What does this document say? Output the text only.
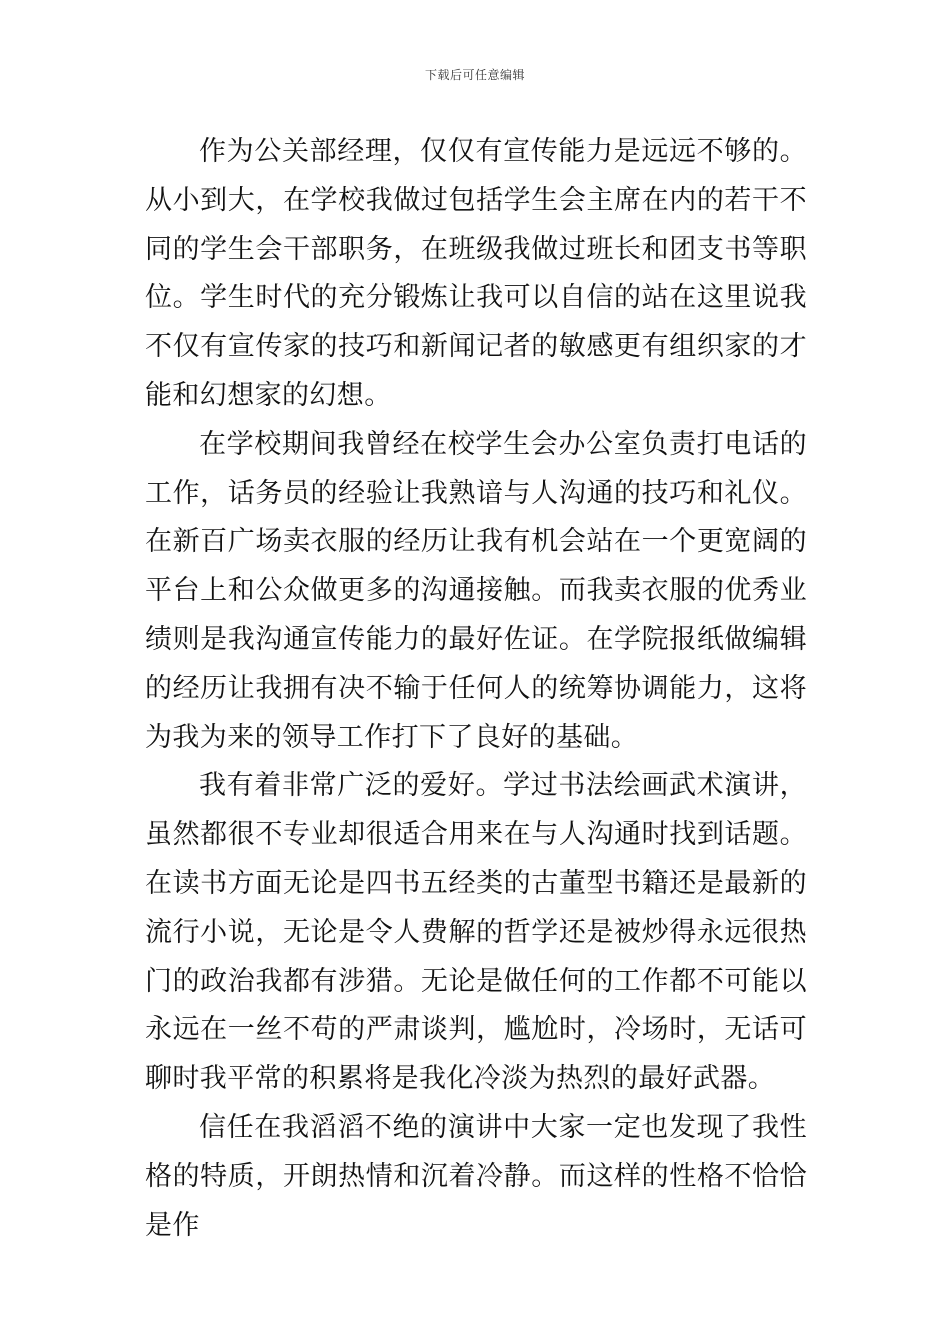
下载后可任意编辑

作为公关部经理，仅仅有宣传能力是远远不够的。从小到大，在学校我做过包括学生会主席在内的若干不同的学生会干部职务，在班级我做过班长和团支书等职位。学生时代的充分锻炼让我可以自信的站在这里说我不仅有宣传家的技巧和新闻记者的敏感更有组织家的才能和幻想家的幻想。

在学校期间我曾经在校学生会办公室负责打电话的工作，话务员的经验让我熟谙与人沟通的技巧和礼仪。在新百广场卖衣服的经历让我有机会站在一个更宽阔的平台上和公众做更多的沟通接触。而我卖衣服的优秀业绩则是我沟通宣传能力的最好佐证。在学院报纸做编辑的经历让我拥有决不输于任何人的统筹协调能力，这将为我为来的领导工作打下了良好的基础。

我有着非常广泛的爱好。学过书法绘画武术演讲，虽然都很不专业却很适合用来在与人沟通时找到话题。在读书方面无论是四书五经类的古董型书籍还是最新的流行小说，无论是令人费解的哲学还是被炒得永远很热门的政治我都有涉猎。无论是做任何的工作都不可能以永远在一丝不苟的严肃谈判，尴尬时，冷场时，无话可聊时我平常的积累将是我化冷淡为热烈的最好武器。

信任在我滔滔不绝的演讲中大家一定也发现了我性格的特质，开朗热情和沉着冷静。而这样的性格不恰恰是作
